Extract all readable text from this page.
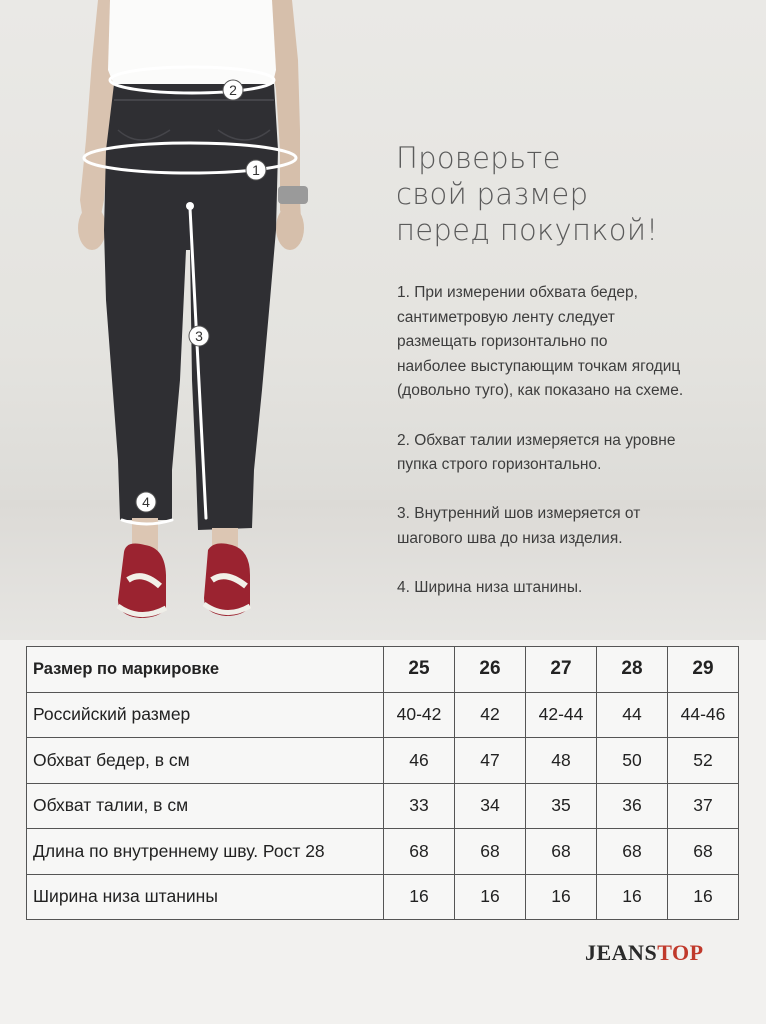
2
1
3
4
Проверьте
свой размер
перед покупкой!
1. При измерении обхвата бедер,
сантиметровую ленту следует
размещать горизонтально по
наиболее выступающим точкам ягодиц
(довольно туго), как показано на схеме.
2. Обхват талии измеряется на уровне
пупка строго горизонтально.
3. Внутренний шов измеряется от
шагового шва до низа изделия.
4. Ширина низа штанины.
Размер по маркировке	25	26	27	28	29
Российский размер	40-42	42	42-44	44	44-46
Обхват бедер, в см	46	47	48	50	52
Обхват талии, в см	33	34	35	36	37
Длина по внутреннему шву. Рост 28	68	68	68	68	68
Ширина низа штанины	16	16	16	16	16
JEANSTOP
